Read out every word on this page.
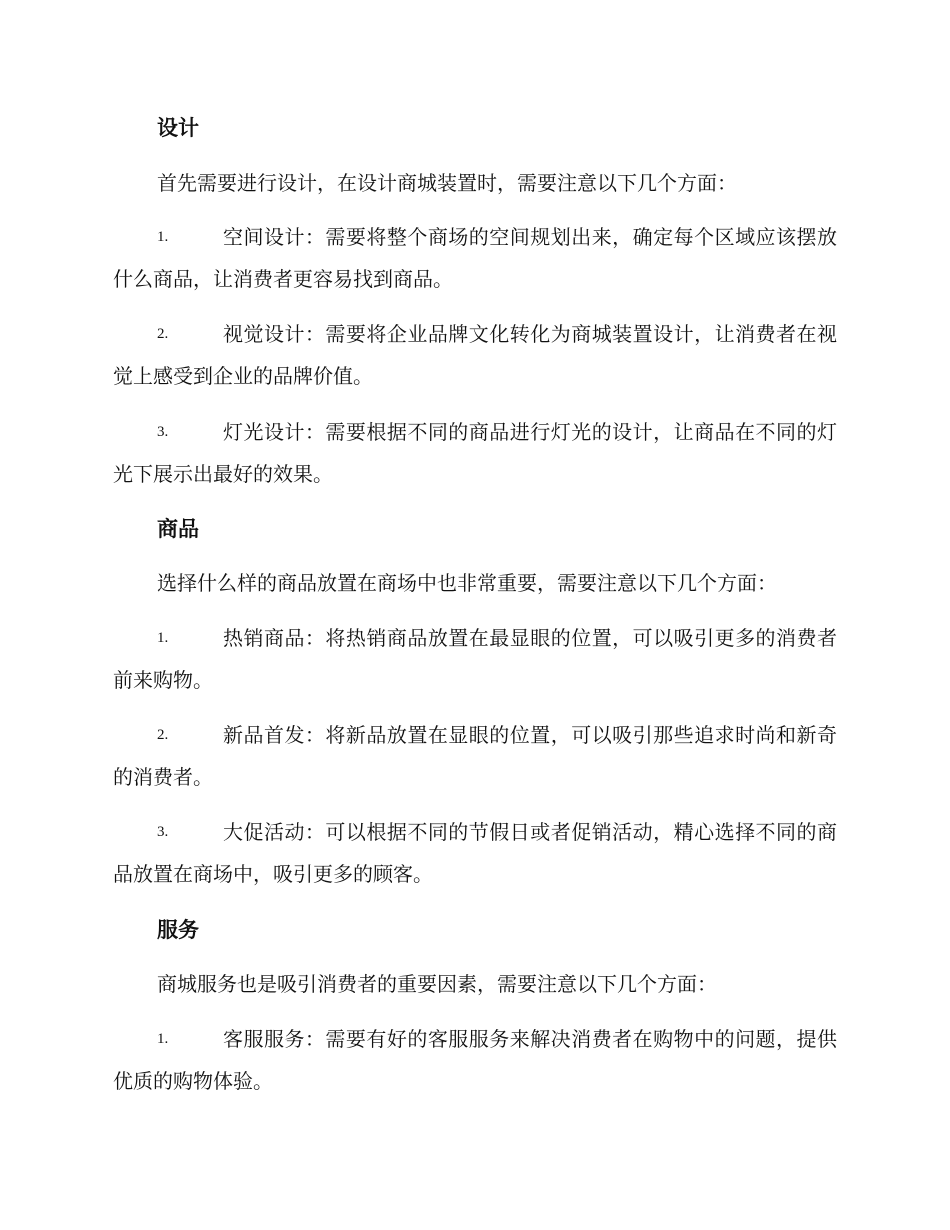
设计
首先需要进行设计，在设计商城装置时，需要注意以下几个方面：
1.	空间设计：需要将整个商场的空间规划出来，确定每个区域应该摆放什么商品，让消费者更容易找到商品。
2.	视觉设计：需要将企业品牌文化转化为商城装置设计，让消费者在视觉上感受到企业的品牌价值。
3.	灯光设计：需要根据不同的商品进行灯光的设计，让商品在不同的灯光下展示出最好的效果。
商品
选择什么样的商品放置在商场中也非常重要，需要注意以下几个方面：
1.	热销商品：将热销商品放置在最显眼的位置，可以吸引更多的消费者前来购物。
2.	新品首发：将新品放置在显眼的位置，可以吸引那些追求时尚和新奇的消费者。
3.	大促活动：可以根据不同的节假日或者促销活动，精心选择不同的商品放置在商场中，吸引更多的顾客。
服务
商城服务也是吸引消费者的重要因素，需要注意以下几个方面：
1.	客服服务：需要有好的客服服务来解决消费者在购物中的问题，提供优质的购物体验。
